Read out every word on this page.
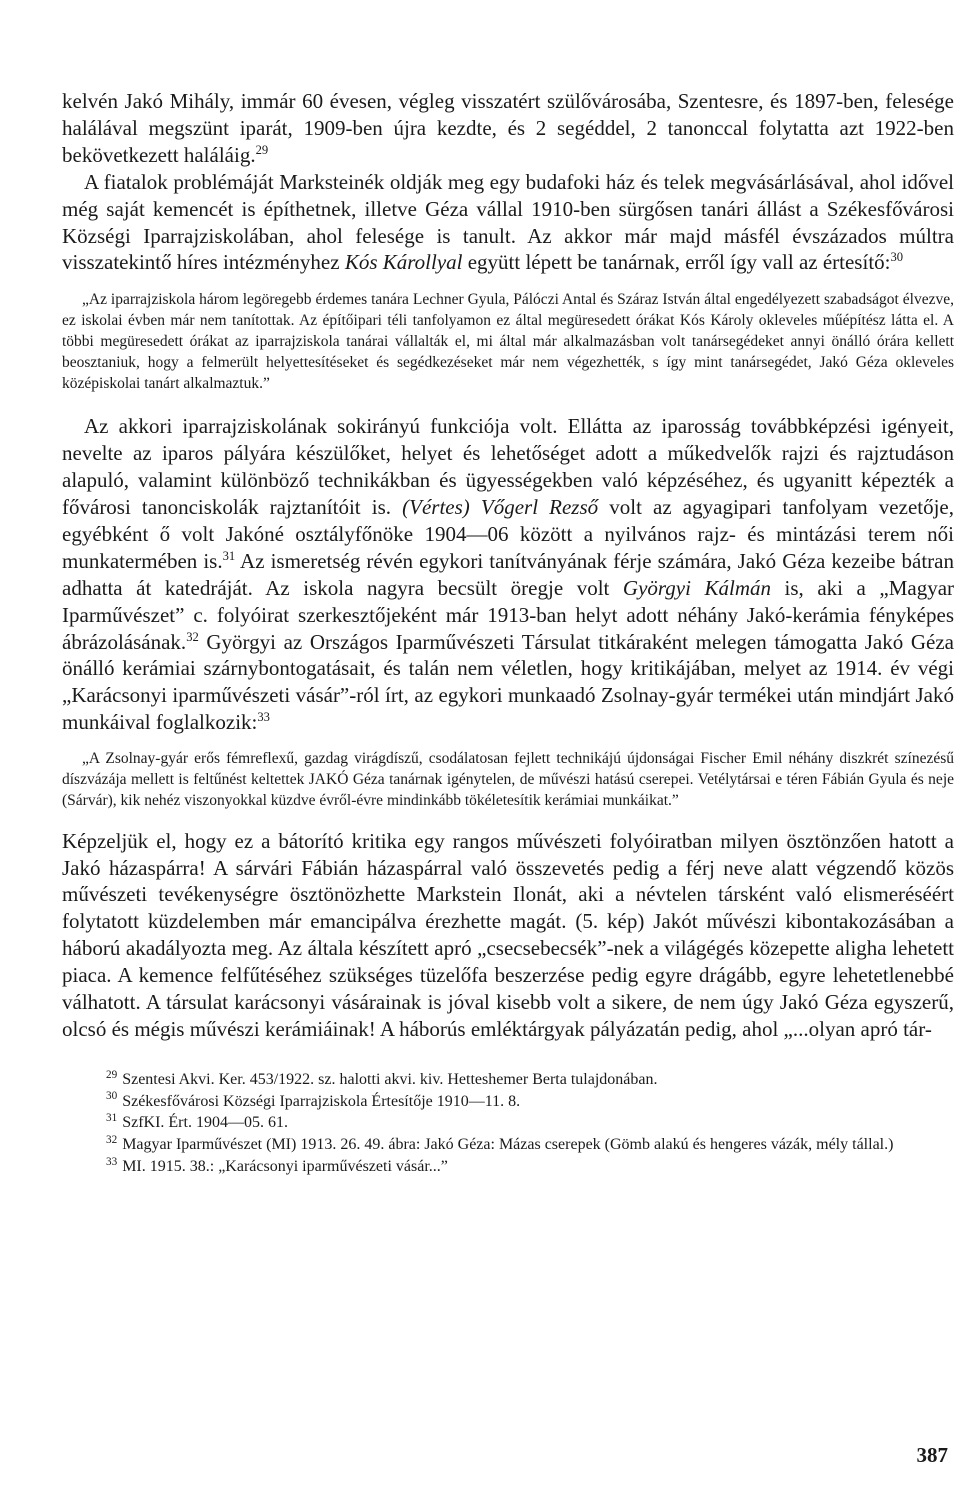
kelvén Jakó Mihály, immár 60 évesen, végleg visszatért szülővárosába, Szentesre, és 1897-ben, felesége halálával megszünt iparát, 1909-ben újra kezdte, és 2 segéddel, 2 tanonccal folytatta azt 1922-ben bekövetkezett haláláig.$^{29}$
A fiatalok problémáját Marksteinék oldják meg egy budafoki ház és telek megvásárlásával, ahol idővel még saját kemencét is építhetnek, illetve Géza vállal 1910-ben sürgősen tanári állást a Székesfővárosi Községi Iparrajziskolában, ahol felesége is tanult. Az akkor már majd másfél évszázados múltra visszatekintő híres intézményhez Kós Károllyal együtt lépett be tanárnak, erről így vall az értesítő:$^{30}$

„Az iparrajziskola három legöregebb érdemes tanára Lechner Gyula, Pálóczi Antal és Száraz István által engedélyezett szabadságot élvezve, ez iskolai évben már nem tanítottak. Az építőipari téli tanfolyamon ez által megüresedett órákat Kós Károly okleveles műépítész látta el. A többi megüresedett órákat az iparrajziskola tanárai vállalták el, mi által már alkalmazásban volt tanársegédeket annyi önálló órára kellett beosztaniuk, hogy a felmerült helyettesítéseket és segédkezéseket már nem végezhették, s így mint tanársegédet, Jakó Géza okleveles középiskolai tanárt alkalmaztuk.”

Az akkori iparrajziskolának sokirányú funkciója volt. Ellátta az iparosság továbbképzési igényeit, nevelte az iparos pályára készülőket, helyet és lehetőséget adott a műkedvelők rajzi és rajztudáson alapuló, valamint különböző technikákban és ügyességekben való képzéséhez, és ugyanitt képezték a fővárosi tanonciskolák rajztanítóit is. (Vértes) Vőgerl Rezső volt az agyagipari tanfolyam vezetője, egyébként ő volt Jakóné osztályfőnöke 1904—06 között a nyilvános rajz- és mintázási terem női munkatermében is.$^{31}$ Az ismeretség révén egykori tanítványának férje számára, Jakó Géza kezeibe bátran adhatta át katedráját. Az iskola nagyra becsült öregje volt Györgyi Kálmán is, aki a „Magyar Iparművészet” c. folyóirat szerkesztőjeként már 1913-ban helyt adott néhány Jakó-kerámia fényképes ábrázolásának.$^{32}$ Györgyi az Országos Iparművészeti Társulat titkáraként melegen támogatta Jakó Géza önálló kerámiai szárnybontogatásait, és talán nem véletlen, hogy kritikájában, melyet az 1914. év végi „Karácsonyi iparművészeti vásár”-ról írt, az egykori munkaadó Zsolnay-gyár termékei után mindjárt Jakó munkáival foglalkozik:$^{33}$

„A Zsolnay-gyár erős fémreflexű, gazdag virágdíszű, csodálatosan fejlett technikájú újdonságai Fischer Emil néhány diszkrét színezésű díszvázája mellett is feltűnést keltettek JAKÓ Géza tanárnak igénytelen, de művészi hatású cserepei. Vetélytársai e téren Fábián Gyula és neje (Sárvár), kik nehéz viszonyokkal küzdve évről-évre mindinkább tökéletesítik kerámiai munkáikat.”

Képzeljük el, hogy ez a bátorító kritika egy rangos művészeti folyóiratban milyen ösztönzően hatott a Jakó házaspárra! A sárvári Fábián házaspárral való összevetés pedig a férj neve alatt végzendő közös művészeti tevékenységre ösztönözhette Markstein Ilonát, aki a névtelen társként való elismeréséért folytatott küzdelemben már emancipálva érezhette magát. (5. kép) Jakót művészi kibontakozásában a háború akadályozta meg. Az általa készített apró „csecsebecsék”-nek a világégés közepette aligha lehetett piaca. A kemence felfűtéséhez szükséges tüzelőfa beszerzése pedig egyre drágább, egyre lehetetlenebbé válhatott. A társulat karácsonyi vásárainak is jóval kisebb volt a sikere, de nem úgy Jakó Géza egyszerű, olcsó és mégis művészi kerámiáinak! A háborús emléktárgyak pályázatán pedig, ahol „...olyan apró tár-

$^{29}$ Szentesi Akvi. Ker. 453/1922. sz. halotti akvi. kiv. Hetteshemer Berta tulajdonában.

$^{30}$ Székesfővárosi Községi Iparrajziskola Értesítője 1910—11. 8.

$^{31}$ SzfKI. Ért. 1904—05. 61.

$^{32}$ Magyar Iparművészet (MI) 1913. 26. 49. ábra: Jakó Géza: Mázas cserepek (Gömb alakú és hengeres vázák, mély tállal.)

$^{33}$ MI. 1915. 38.: „Karácsonyi iparművészeti vásár...”

387
